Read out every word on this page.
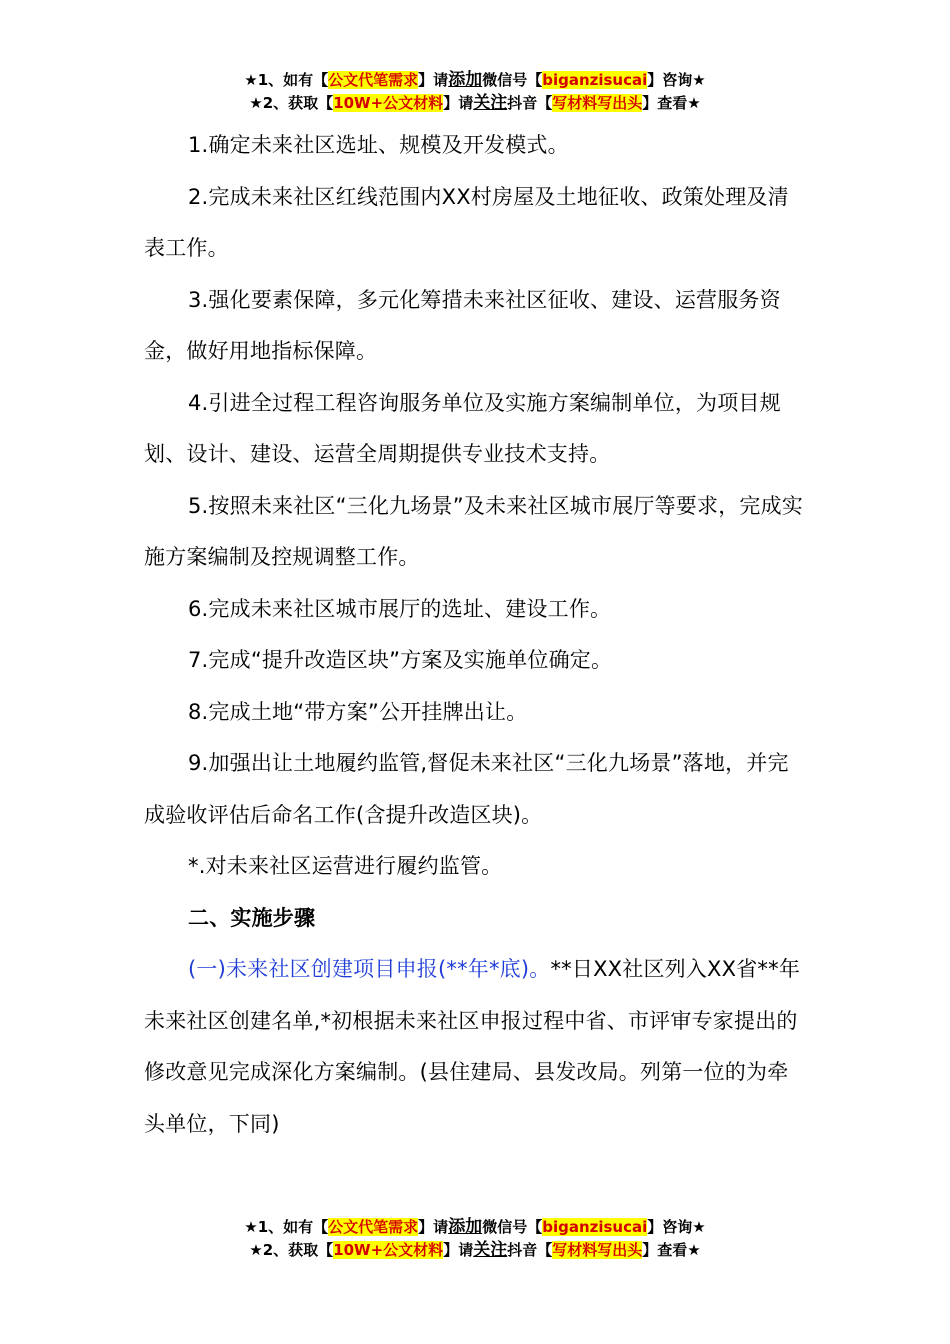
★1、如有【公文代笔需求】请添加微信号【biganzisucai】咨询★
★2、获取【10W+公文材料】请关注抖音【写材料写出头】查看★

1.确定未来社区选址、规模及开发模式。

2.完成未来社区红线范围内XX村房屋及土地征收、政策处理及清表工作。

3.强化要素保障，多元化筹措未来社区征收、建设、运营服务资金，做好用地指标保障。

4.引进全过程工程咨询服务单位及实施方案编制单位，为项目规划、设计、建设、运营全周期提供专业技术支持。

5.按照未来社区“三化九场景”及未来社区城市展厅等要求，完成实施方案编制及控规调整工作。

6.完成未来社区城市展厅的选址、建设工作。

7.完成“提升改造区块”方案及实施单位确定。

8.完成土地“带方案”公开挂牌出让。

9.加强出让土地履约监管,督促未来社区“三化九场景”落地，并完成验收评估后命名工作(含提升改造区块)。

*.对未来社区运营进行履约监管。

二、实施步骤

(一)未来社区创建项目申报(**年*底)。**日XX社区列入XX省**年未来社区创建名单,*初根据未来社区申报过程中省、市评审专家提出的修改意见完成深化方案编制。(县住建局、县发改局。列第一位的为牵头单位，下同)

★1、如有【公文代笔需求】请添加微信号【biganzisucai】咨询★
★2、获取【10W+公文材料】请关注抖音【写材料写出头】查看★
